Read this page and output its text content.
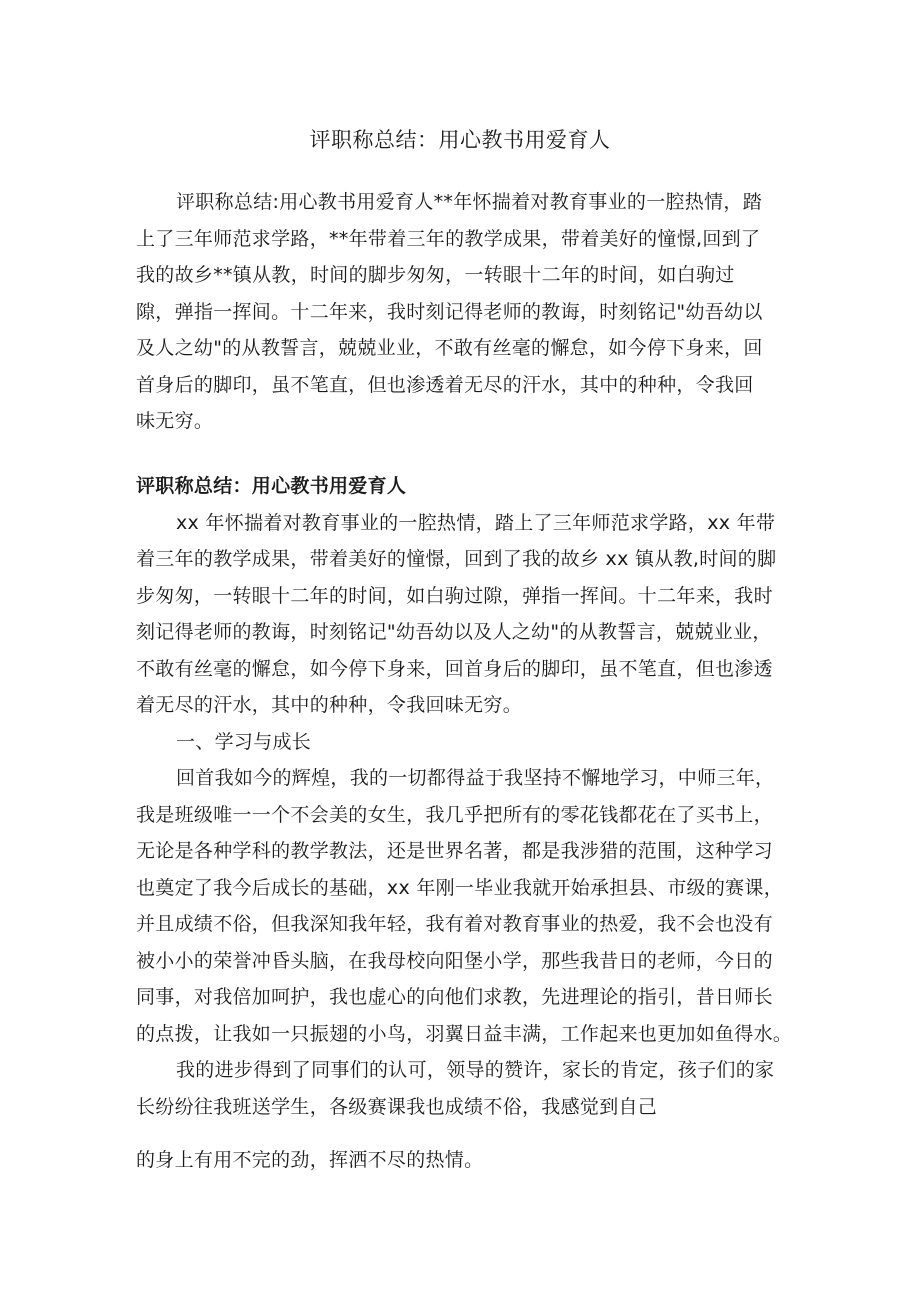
评职称总结：用心教书用爱育人
评职称总结:用心教书用爱育人**年怀揣着对教育事业的一腔热情，踏
上了三年师范求学路，**年带着三年的教学成果，带着美好的憧憬,回到了
我的故乡**镇从教，时间的脚步匆匆，一转眼十二年的时间，如白驹过
隙，弹指一挥间。十二年来，我时刻记得老师的教诲，时刻铭记"幼吾幼以
及人之幼"的从教誓言，兢兢业业，不敢有丝毫的懈怠，如今停下身来，回
首身后的脚印，虽不笔直，但也渗透着无尽的汗水，其中的种种，令我回
味无穷。
评职称总结：用心教书用爱育人
xx 年怀揣着对教育事业的一腔热情，踏上了三年师范求学路，xx 年带
着三年的教学成果，带着美好的憧憬，回到了我的故乡 xx 镇从教,时间的脚
步匆匆，一转眼十二年的时间，如白驹过隙，弹指一挥间。十二年来，我时
刻记得老师的教诲，时刻铭记"幼吾幼以及人之幼"的从教誓言，兢兢业业，
不敢有丝毫的懈怠，如今停下身来，回首身后的脚印，虽不笔直，但也渗透
着无尽的汗水，其中的种种，令我回味无穷。
一、学习与成长
回首我如今的辉煌，我的一切都得益于我坚持不懈地学习，中师三年，
我是班级唯一一个不会美的女生，我几乎把所有的零花钱都花在了买书上，
无论是各种学科的教学教法，还是世界名著，都是我涉猎的范围，这种学习
也奠定了我今后成长的基础，xx 年刚一毕业我就开始承担县、市级的赛课，
并且成绩不俗，但我深知我年轻，我有着对教育事业的热爱，我不会也没有
被小小的荣誉冲昏头脑，在我母校向阳堡小学，那些我昔日的老师，今日的
同事，对我倍加呵护，我也虚心的向他们求教，先进理论的指引，昔日师长
的点拨，让我如一只振翅的小鸟，羽翼日益丰满，工作起来也更加如鱼得水。
我的进步得到了同事们的认可，领导的赞许，家长的肯定，孩子们的家
长纷纷往我班送学生，各级赛课我也成绩不俗，我感觉到自己
的身上有用不完的劲，挥洒不尽的热情。
